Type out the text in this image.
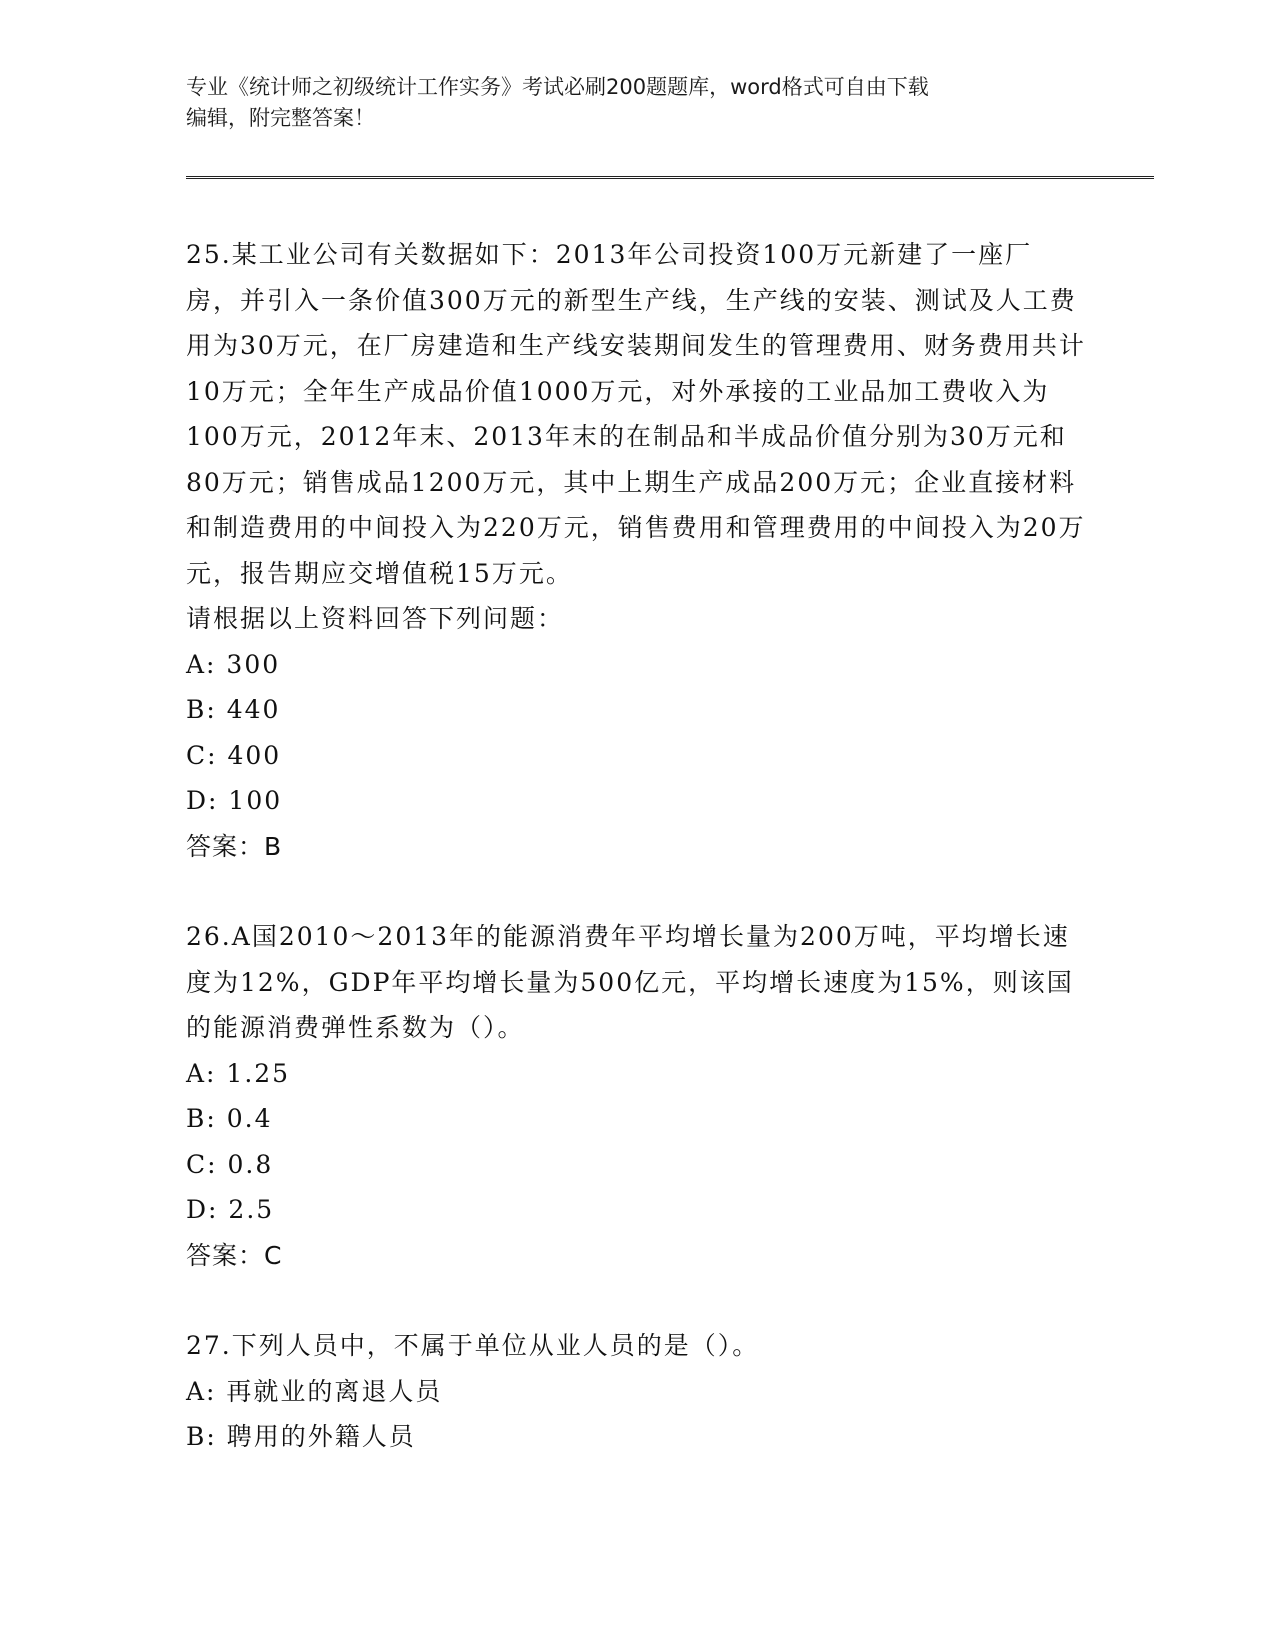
专业《统计师之初级统计工作实务》考试必刷200题题库，word格式可自由下载
编辑，附完整答案！

25.某工业公司有关数据如下：2013年公司投资100万元新建了一座厂房，并引入一条价值300万元的新型生产线，生产线的安装、测试及人工费用为30万元，在厂房建造和生产线安装期间发生的管理费用、财务费用共计10万元；全年生产成品价值1000万元，对外承接的工业品加工费收入为100万元，2012年末、2013年末的在制品和半成品价值分别为30万元和80万元；销售成品1200万元，其中上期生产成品200万元；企业直接材料和制造费用的中间投入为220万元，销售费用和管理费用的中间投入为20万元，报告期应交增值税15万元。

请根据以上资料回答下列问题：

A: 300

B: 440

C: 400

D: 100

答案：B

26.A国2010～2013年的能源消费年平均增长量为200万吨，平均增长速度为12%，GDP年平均增长量为500亿元，平均增长速度为15%，则该国的能源消费弹性系数为（）。

A: 1.25

B: 0.4

C: 0.8

D: 2.5

答案：C

27.下列人员中，不属于单位从业人员的是（）。

A: 再就业的离退人员

B: 聘用的外籍人员
